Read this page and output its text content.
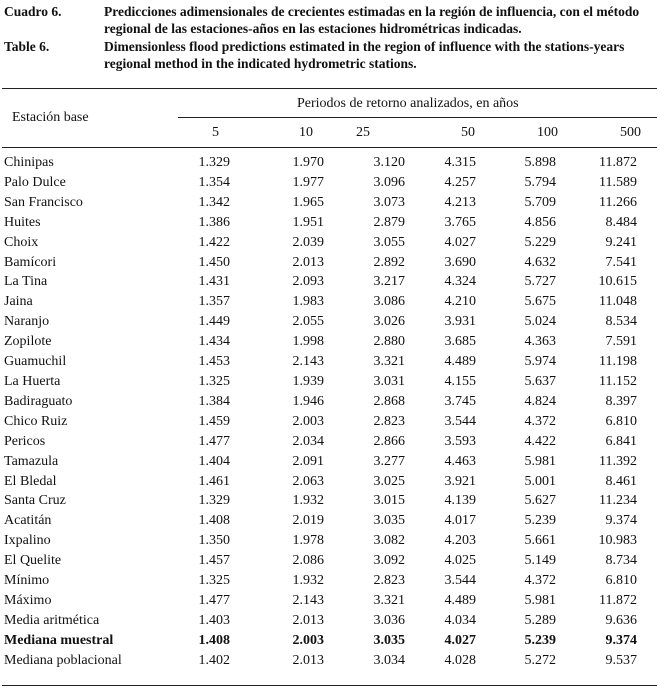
Cuadro 6.	Predicciones adimensionales de crecientes estimadas en la región de influencia, con el método regional de las estaciones-años en las estaciones hidrométricas indicadas.
Table 6.	Dimensionless flood predictions estimated in the region of influence with the stations-years regional method in the indicated hydrometric stations.
Estación base
Periodos de retorno analizados, en años
5	10	25	50	100	500
Chinipas	1.329	1.970	3.120	4.315	5.898	11.872
Palo Dulce	1.354	1.977	3.096	4.257	5.794	11.589
San Francisco	1.342	1.965	3.073	4.213	5.709	11.266
Huites	1.386	1.951	2.879	3.765	4.856	8.484
Choix	1.422	2.039	3.055	4.027	5.229	9.241
Bamícori	1.450	2.013	2.892	3.690	4.632	7.541
La Tina	1.431	2.093	3.217	4.324	5.727	10.615
Jaina	1.357	1.983	3.086	4.210	5.675	11.048
Naranjo	1.449	2.055	3.026	3.931	5.024	8.534
Zopilote	1.434	1.998	2.880	3.685	4.363	7.591
Guamuchil	1.453	2.143	3.321	4.489	5.974	11.198
La Huerta	1.325	1.939	3.031	4.155	5.637	11.152
Badiraguato	1.384	1.946	2.868	3.745	4.824	8.397
Chico Ruiz	1.459	2.003	2.823	3.544	4.372	6.810
Pericos	1.477	2.034	2.866	3.593	4.422	6.841
Tamazula	1.404	2.091	3.277	4.463	5.981	11.392
El Bledal	1.461	2.063	3.025	3.921	5.001	8.461
Santa Cruz	1.329	1.932	3.015	4.139	5.627	11.234
Acatitán	1.408	2.019	3.035	4.017	5.239	9.374
Ixpalino	1.350	1.978	3.082	4.203	5.661	10.983
El Quelite	1.457	2.086	3.092	4.025	5.149	8.734
Mínimo	1.325	1.932	2.823	3.544	4.372	6.810
Máximo	1.477	2.143	3.321	4.489	5.981	11.872
Media aritmética	1.403	2.013	3.036	4.034	5.289	9.636
Mediana muestral	1.408	2.003	3.035	4.027	5.239	9.374
Mediana poblacional	1.402	2.013	3.034	4.028	5.272	9.537
